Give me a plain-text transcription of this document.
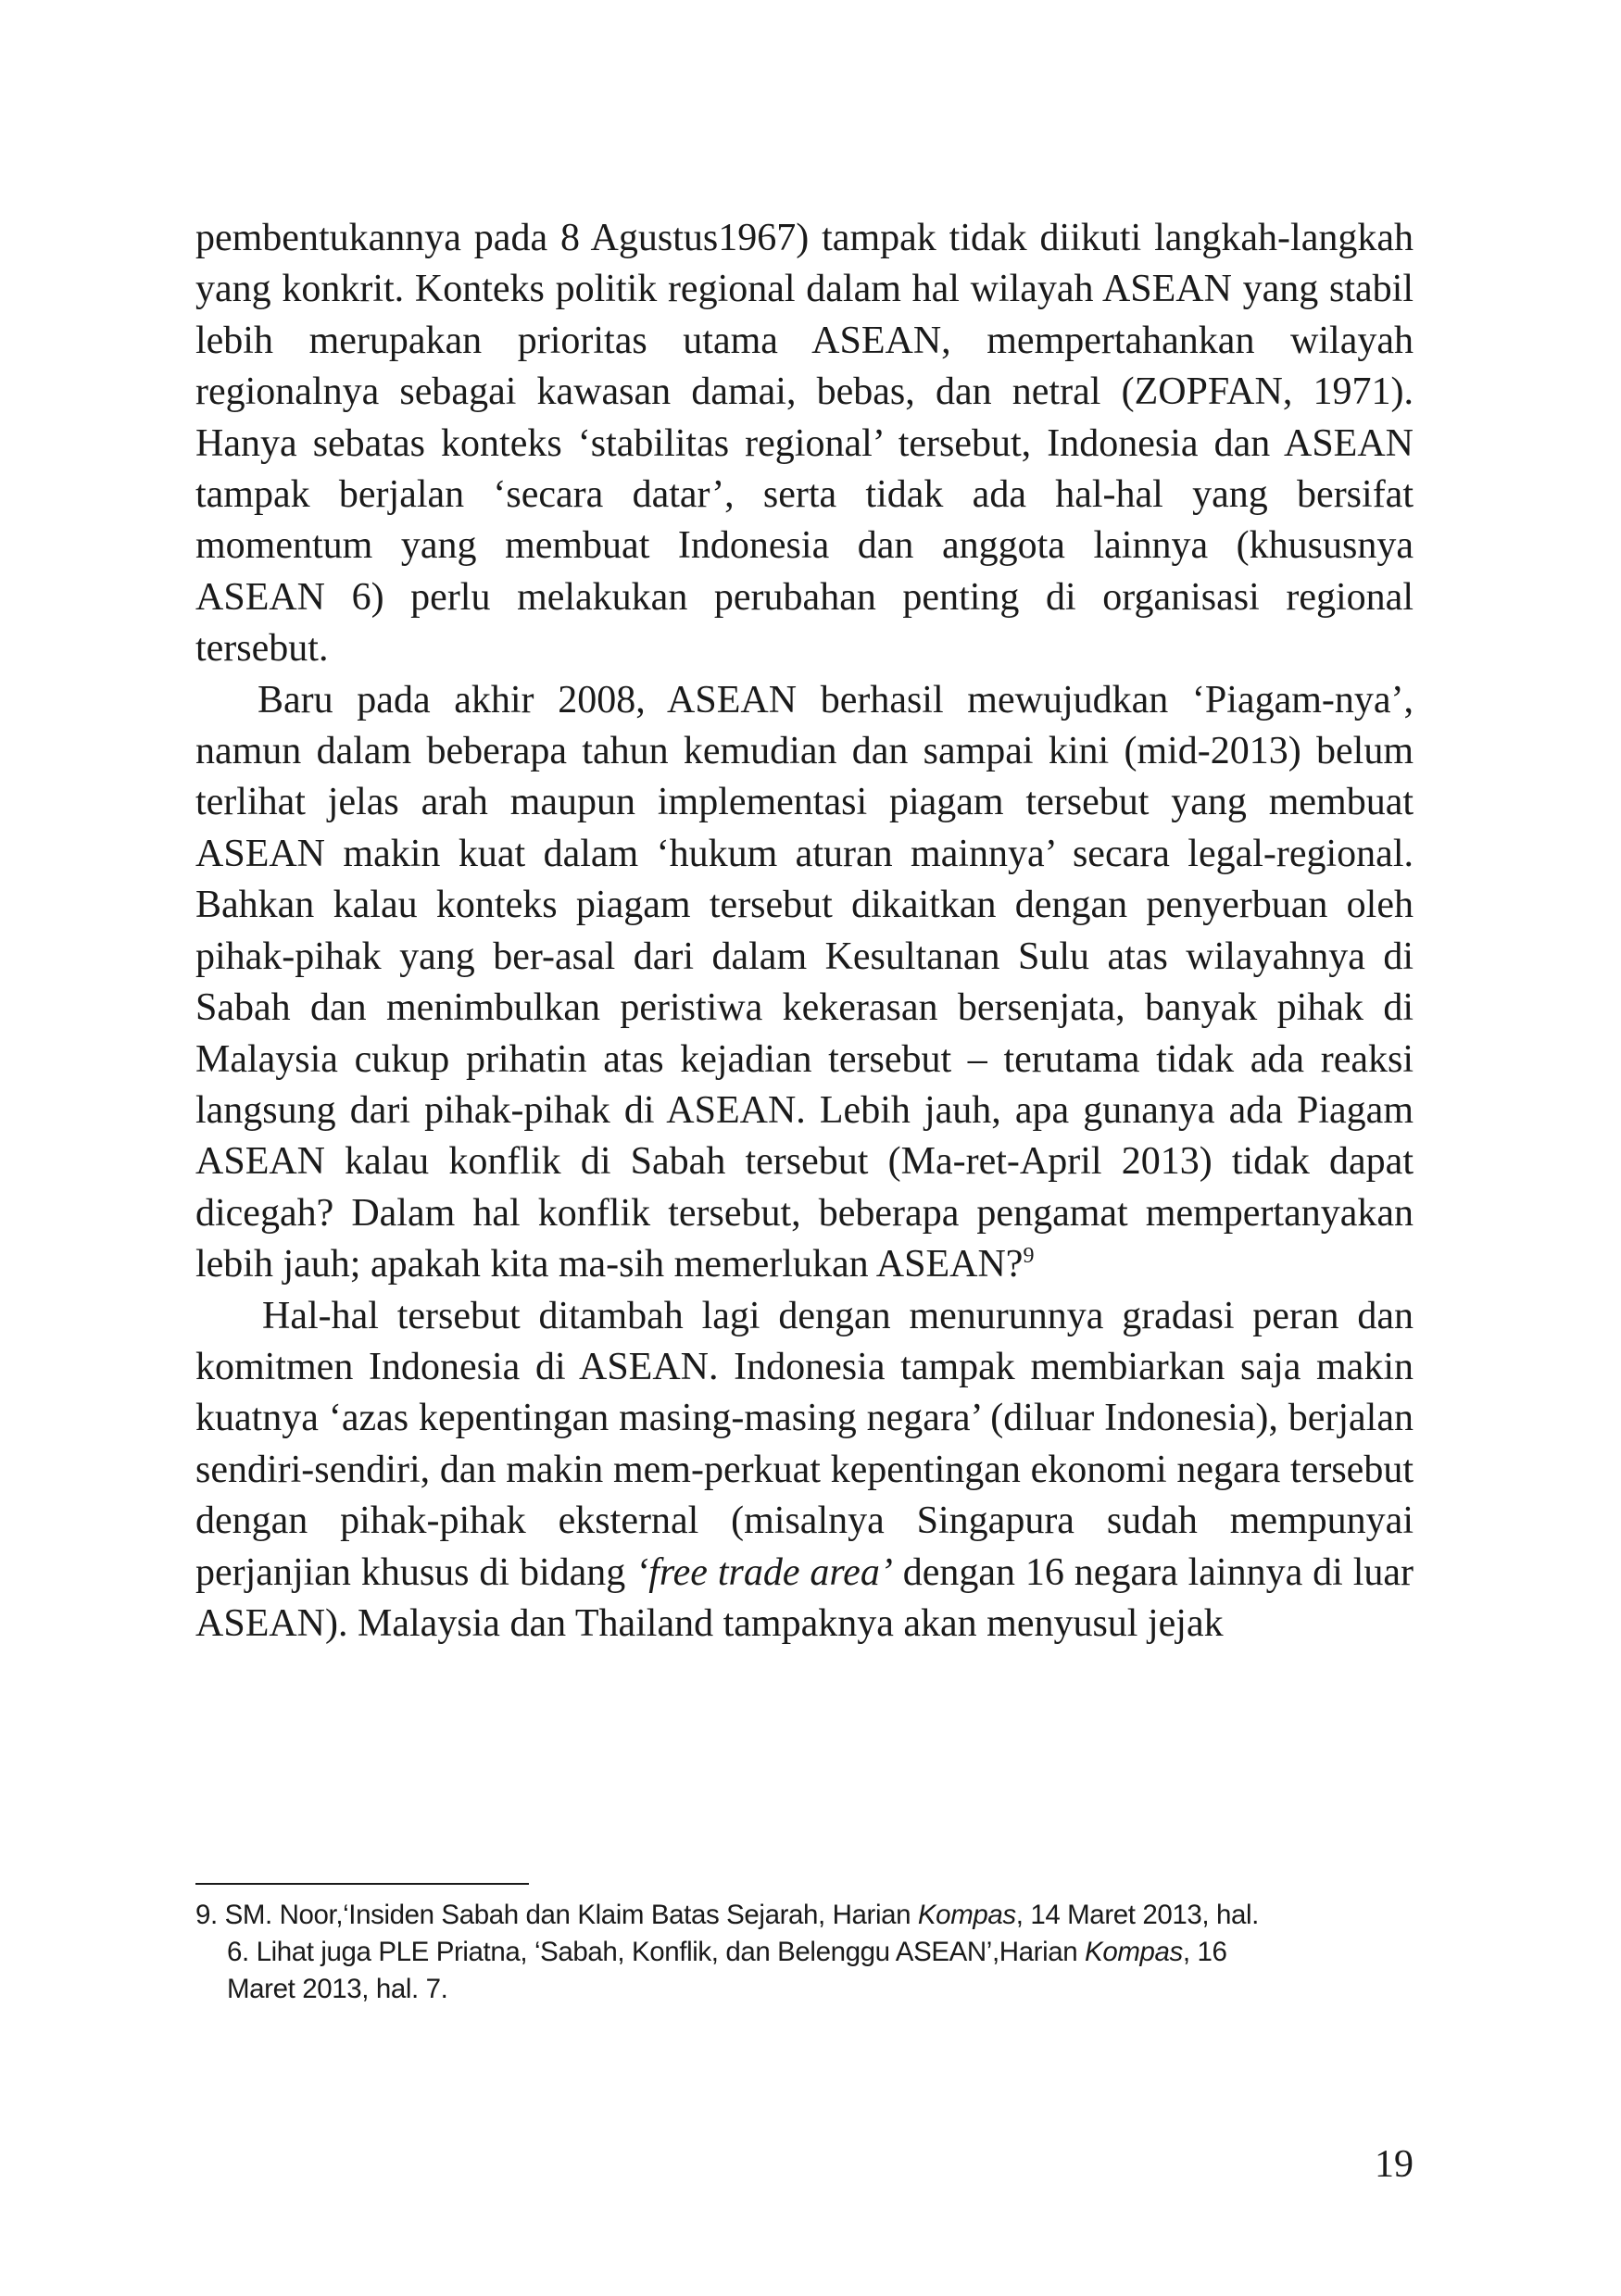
pembentukannya pada 8 Agustus1967) tampak tidak diikuti langkah-langkah yang konkrit. Konteks politik regional dalam hal wilayah ASEAN yang stabil lebih merupakan prioritas utama ASEAN, mempertahankan wilayah regionalnya sebagai kawasan damai, bebas, dan netral (ZOPFAN, 1971). Hanya sebatas konteks ‘stabilitas regional’ tersebut, Indonesia dan ASEAN tampak berjalan ‘secara datar’, serta tidak ada hal-hal yang bersifat momentum yang membuat Indonesia dan anggota lainnya (khususnya ASEAN 6) perlu melakukan perubahan penting di organisasi regional tersebut.

Baru pada akhir 2008, ASEAN berhasil mewujudkan ‘Piagam-nya’, namun dalam beberapa tahun kemudian dan sampai kini (mid-2013) belum terlihat jelas arah maupun implementasi piagam tersebut yang membuat ASEAN makin kuat dalam ‘hukum aturan mainnya’ secara legal-regional. Bahkan kalau konteks piagam tersebut dikaitkan dengan penyerbuan oleh pihak-pihak yang ber-asal dari dalam Kesultanan Sulu atas wilayahnya di Sabah dan menimbulkan peristiwa kekerasan bersenjata, banyak pihak di Malaysia cukup prihatin atas kejadian tersebut – terutama tidak ada reaksi langsung dari pihak-pihak di ASEAN. Lebih jauh, apa gunanya ada Piagam ASEAN kalau konflik di Sabah tersebut (Ma-ret-April 2013) tidak dapat dicegah? Dalam hal konflik tersebut, beberapa pengamat mempertanyakan lebih jauh; apakah kita ma-sih memerlukan ASEAN?$^9$

Hal-hal tersebut ditambah lagi dengan menurunnya gradasi peran dan komitmen Indonesia di ASEAN. Indonesia tampak membiarkan saja makin kuatnya ‘azas kepentingan masing-masing negara’ (diluar Indonesia), berjalan sendiri-sendiri, dan makin mem-perkuat kepentingan ekonomi negara tersebut dengan pihak-pihak eksternal (misalnya Singapura sudah mempunyai perjanjian khusus di bidang ‘free trade area’ dengan 16 negara lainnya di luar ASEAN). Malaysia dan Thailand tampaknya akan menyusul jejak

9. SM. Noor,‘Insiden Sabah dan Klaim Batas Sejarah, Harian Kompas, 14 Maret 2013, hal.
6. Lihat juga PLE Priatna, ‘Sabah, Konflik, dan Belenggu ASEAN’,Harian Kompas, 16
Maret 2013, hal. 7.
19
